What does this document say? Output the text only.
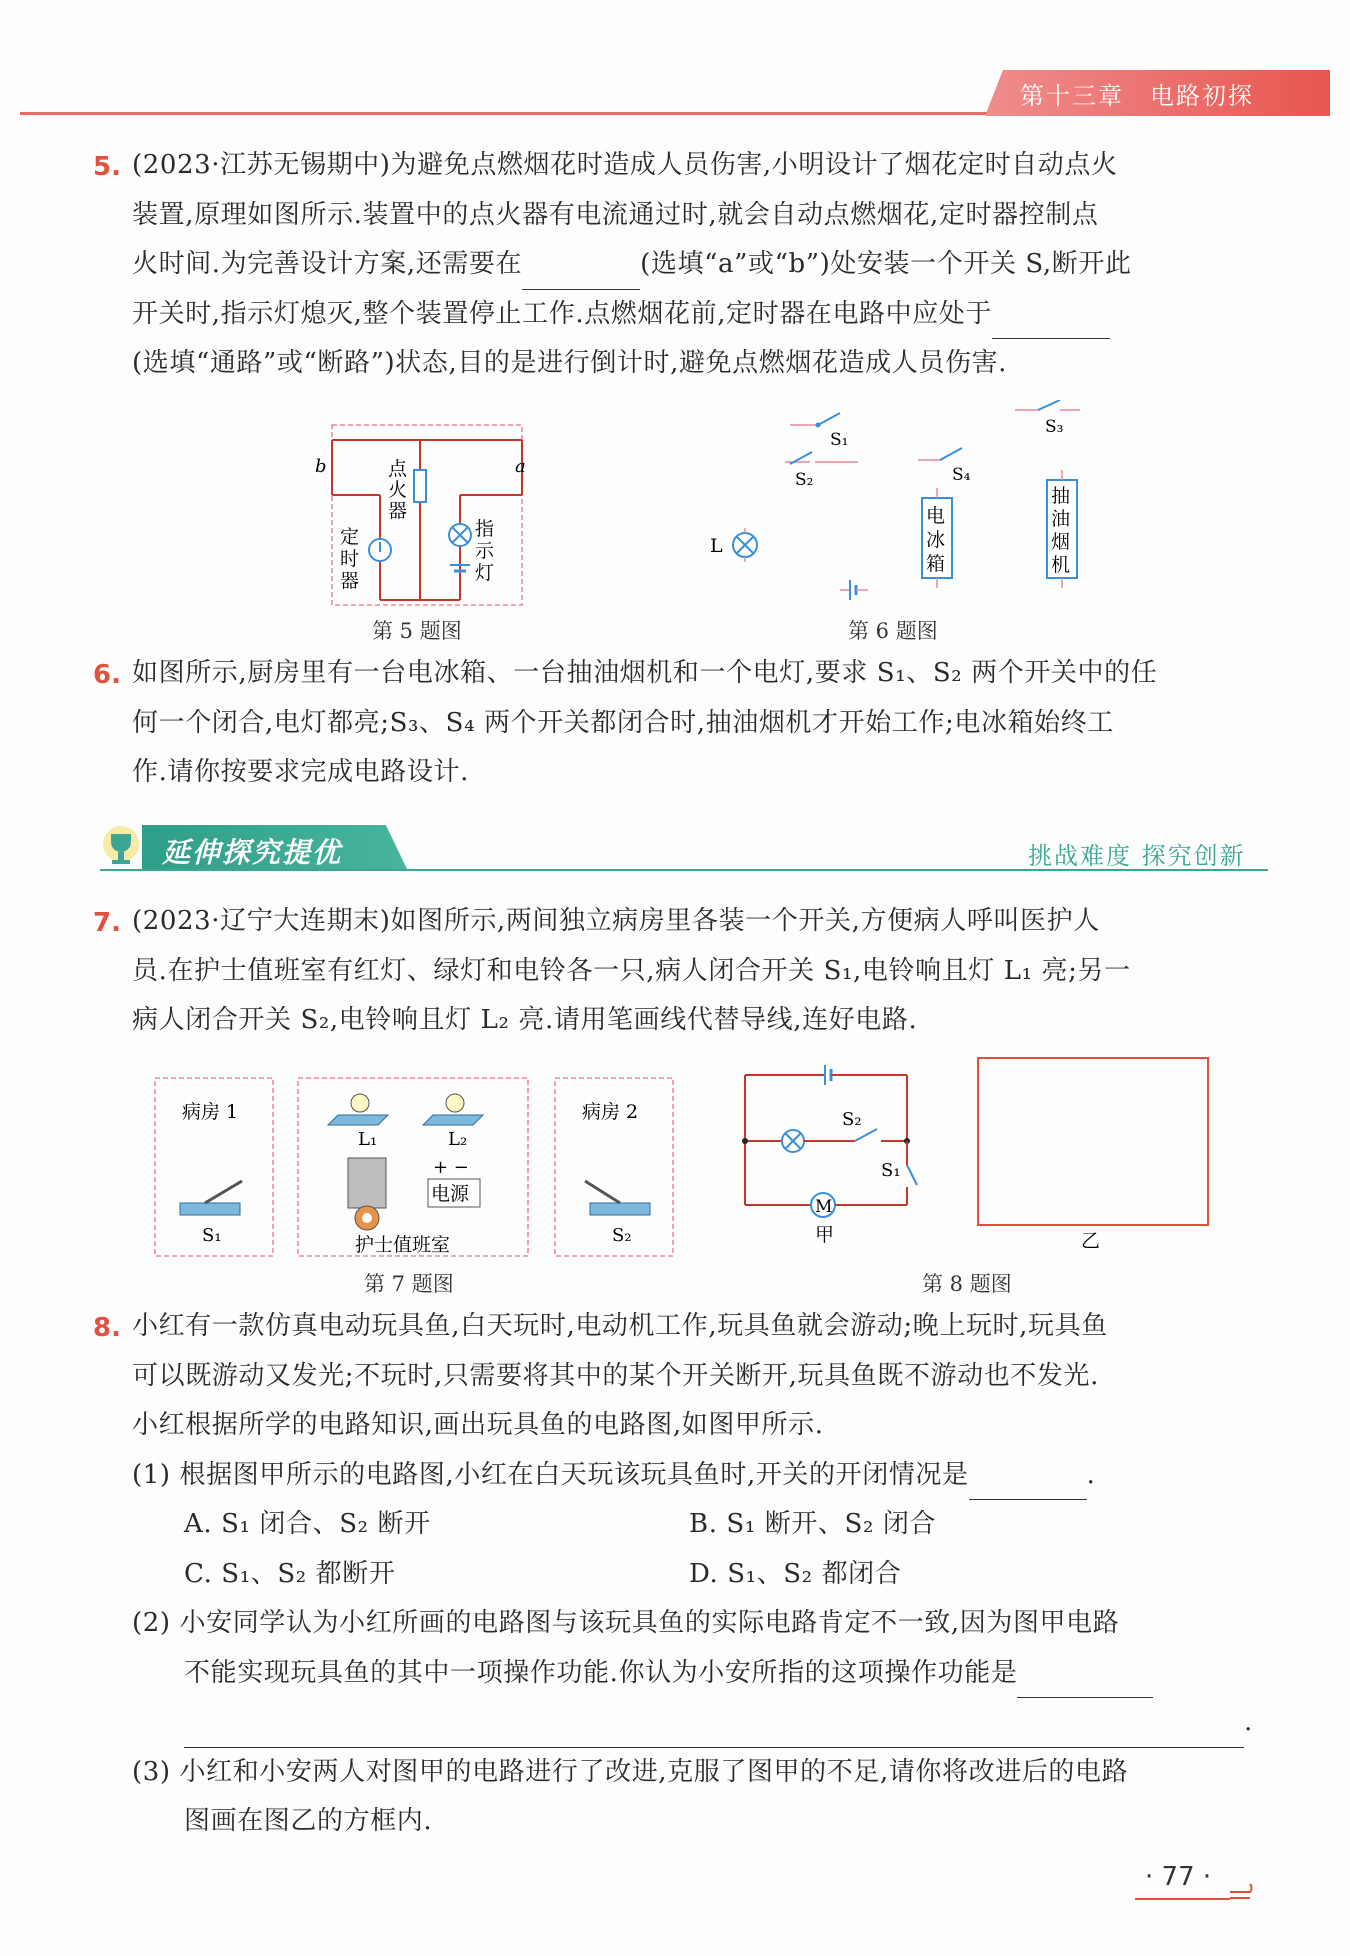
第十三章 电路初探
5. (2023·江苏无锡期中)为避免点燃烟花时造成人员伤害,小明设计了烟花定时自动点火
装置,原理如图所示.装置中的点火器有电流通过时,就会自动点燃烟花,定时器控制点
火时间.为完善设计方案,还需要在	(选填“a”或“b”)处安装一个开关 S,断开此
开关时,指示灯熄灭,整个装置停止工作.点燃烟花前,定时器在电路中应处于
(选填“通路”或“断路”)状态,目的是进行倒计时,避免点燃烟花造成人员伤害.
b	a
点
火
器
定
时
器
指
示
灯
第 5 题图
S₁
S₂
S₃
S₄
L
电
冰
箱
抽
油
烟
机
第 6 题图
6. 如图所示,厨房里有一台电冰箱、一台抽油烟机和一个电灯,要求 S₁、S₂ 两个开关中的任
何一个闭合,电灯都亮;S₃、S₄ 两个开关都闭合时,抽油烟机才开始工作;电冰箱始终工
作.请你按要求完成电路设计.
延伸探究提优	挑战难度 探究创新
7. (2023·辽宁大连期末)如图所示,两间独立病房里各装一个开关,方便病人呼叫医护人
员.在护士值班室有红灯、绿灯和电铃各一只,病人闭合开关 S₁,电铃响且灯 L₁ 亮;另一
病人闭合开关 S₂,电铃响且灯 L₂ 亮.请用笔画线代替导线,连好电路.
病房 1
S₁
L₁	L₂
+ −
电源
护士值班室
病房 2
S₂
第 7 题图
S₂
S₁
M
甲	乙
第 8 题图
8. 小红有一款仿真电动玩具鱼,白天玩时,电动机工作,玩具鱼就会游动;晚上玩时,玩具鱼
可以既游动又发光;不玩时,只需要将其中的某个开关断开,玩具鱼既不游动也不发光.
小红根据所学的电路知识,画出玩具鱼的电路图,如图甲所示.
(1) 根据图甲所示的电路图,小红在白天玩该玩具鱼时,开关的开闭情况是	.
A. S₁ 闭合、S₂ 断开	B. S₁ 断开、S₂ 闭合
C. S₁、S₂ 都断开	D. S₁、S₂ 都闭合
(2) 小安同学认为小红所画的电路图与该玩具鱼的实际电路肯定不一致,因为图甲电路
不能实现玩具鱼的其中一项操作功能.你认为小安所指的这项操作功能是
.
(3) 小红和小安两人对图甲的电路进行了改进,克服了图甲的不足,请你将改进后的电路
图画在图乙的方框内.
· 77 ·
